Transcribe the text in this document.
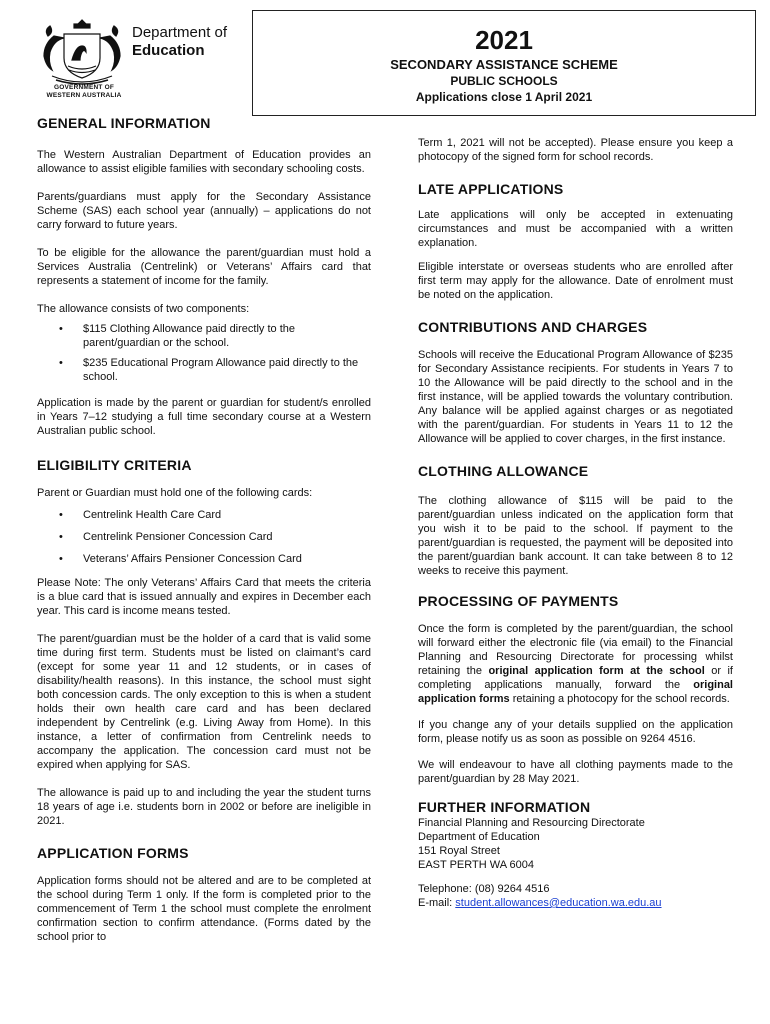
Department of
Education
GOVERNMENT OF
WESTERN AUSTRALIA
2021
SECONDARY ASSISTANCE SCHEME
PUBLIC SCHOOLS
Applications close 1 April 2021
GENERAL INFORMATION

The Western Australian Department of Education provides an allowance to assist eligible families with secondary schooling costs.

Parents/guardians must apply for the Secondary Assistance Scheme (SAS) each school year (annually) – applications do not carry forward to future years.

To be eligible for the allowance the parent/guardian must hold a Services Australia (Centrelink) or Veterans’ Affairs card that represents a statement of income for the family.

The allowance consists of two components:

• $115 Clothing Allowance paid directly to the parent/guardian or the school.
• $235 Educational Program Allowance paid directly to the school.

Application is made by the parent or guardian for student/s enrolled in Years 7–12 studying a full time secondary course at a Western Australian public school.

ELIGIBILITY CRITERIA

Parent or Guardian must hold one of the following cards:

• Centrelink Health Care Card
• Centrelink Pensioner Concession Card
• Veterans’ Affairs Pensioner Concession Card

Please Note: The only Veterans’ Affairs Card that meets the criteria is a blue card that is issued annually and expires in December each year. This card is income means tested.

The parent/guardian must be the holder of a card that is valid some time during first term. Students must be listed on claimant’s card (except for some year 11 and 12 students, or in cases of disability/health reasons). In this instance, the school must sight both concession cards. The only exception to this is when a student holds their own health care card and has been declared independent by Centrelink (e.g. Living Away from Home). In this instance, a letter of confirmation from Centrelink needs to accompany the application. The concession card must not be expired when applying for SAS.

The allowance is paid up to and including the year the student turns 18 years of age i.e. students born in 2002 or before are ineligible in 2021.

APPLICATION FORMS

Application forms should not be altered and are to be completed at the school during Term 1 only. If the form is completed prior to the commencement of Term 1 the school must complete the enrolment confirmation section to confirm attendance. (Forms dated by the school prior to

Term 1, 2021 will not be accepted). Please ensure you keep a photocopy of the signed form for school records.

LATE APPLICATIONS

Late applications will only be accepted in extenuating circumstances and must be accompanied with a written explanation.

Eligible interstate or overseas students who are enrolled after first term may apply for the allowance. Date of enrolment must be noted on the application.

CONTRIBUTIONS AND CHARGES

Schools will receive the Educational Program Allowance of $235 for Secondary Assistance recipients. For students in Years 7 to 10 the Allowance will be paid directly to the school and in the first instance, will be applied towards the voluntary contribution. Any balance will be applied against charges or as negotiated with the parent/guardian. For students in Years 11 to 12 the Allowance will be applied to cover charges, in the first instance.

CLOTHING ALLOWANCE

The clothing allowance of $115 will be paid to the parent/guardian unless indicated on the application form that you wish it to be paid to the school. If payment to the parent/guardian is requested, the payment will be deposited into the parent/guardian bank account. It can take between 8 to 12 weeks to receive this payment.

PROCESSING OF PAYMENTS

Once the form is completed by the parent/guardian, the school will forward either the electronic file (via email) to the Financial Planning and Resourcing Directorate for processing whilst retaining the original application form at the school or if completing applications manually, forward the original application forms retaining a photocopy for the school records.

If you change any of your details supplied on the application form, please notify us as soon as possible on 9264 4516.

We will endeavour to have all clothing payments made to the parent/guardian by 28 May 2021.

FURTHER INFORMATION
Financial Planning and Resourcing Directorate
Department of Education
151 Royal Street
EAST PERTH WA 6004
Telephone: (08) 9264 4516
E-mail: student.allowances@education.wa.edu.au
